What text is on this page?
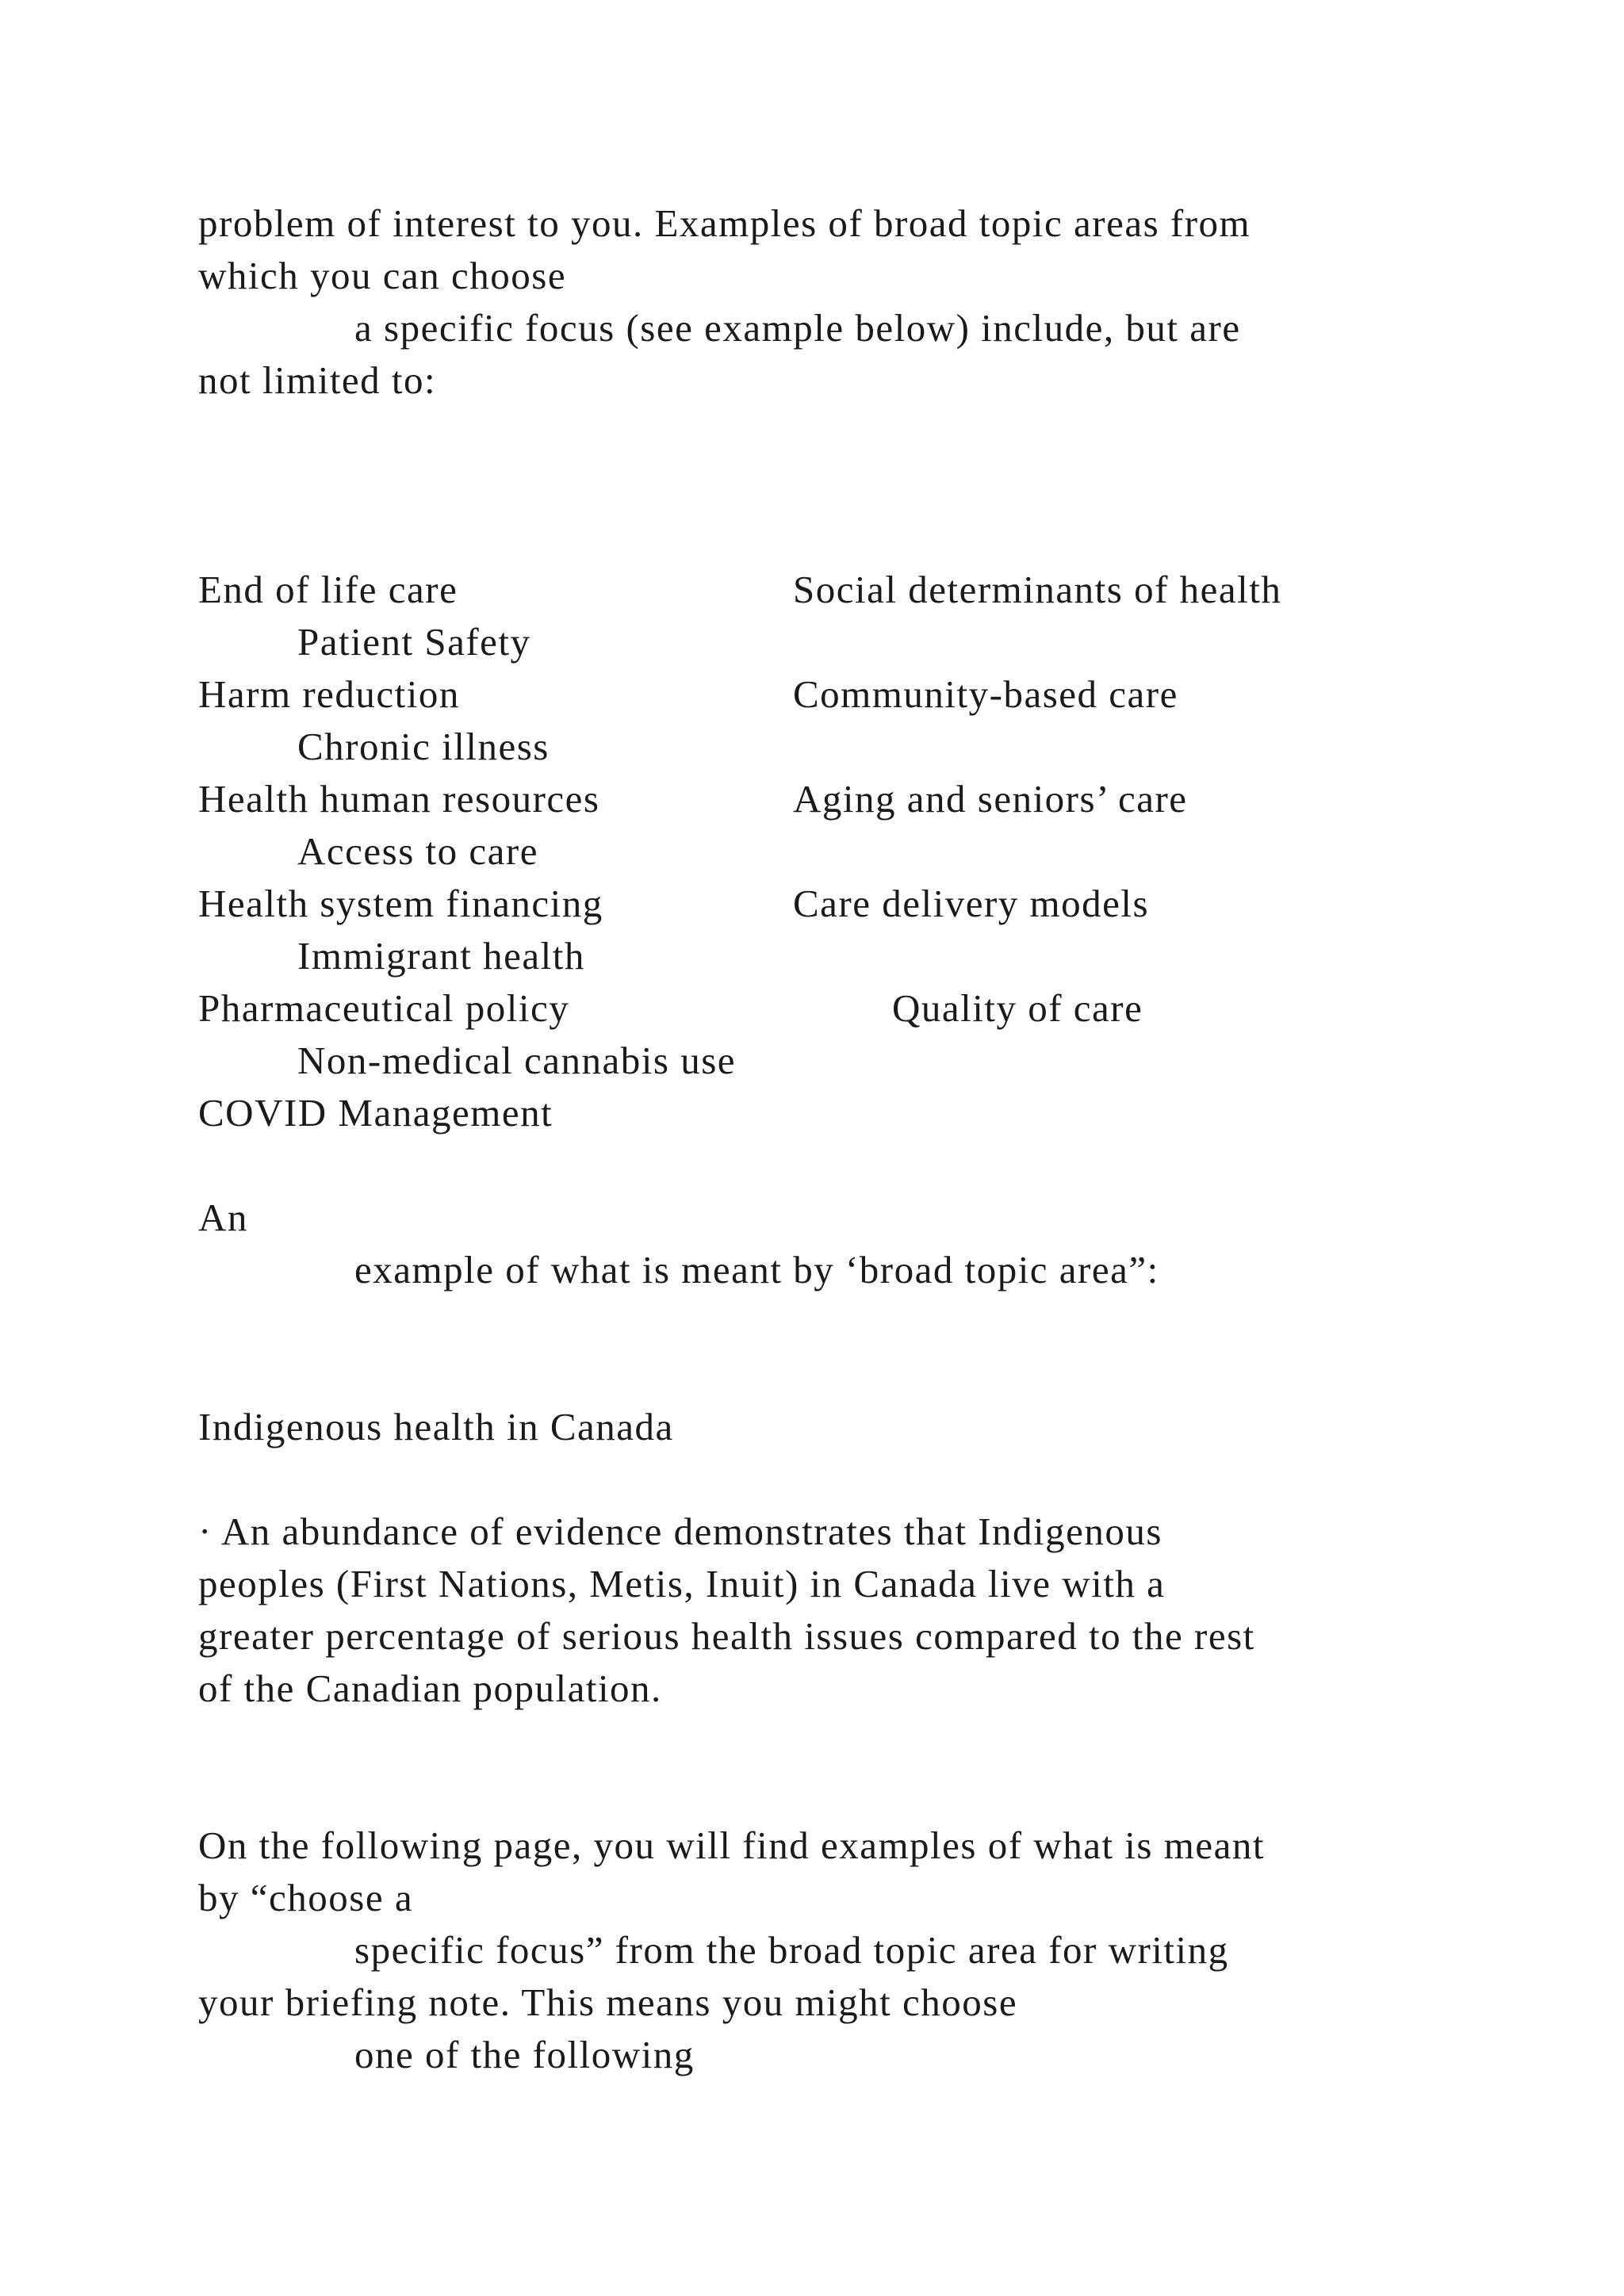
problem of interest to you. Examples of broad topic areas from
which you can choose
a specific focus (see example below) include, but are
not limited to:
End of life care	Social determinants of health
Patient Safety
Harm reduction	Community-based care
Chronic illness
Health human resources	Aging and seniors’ care
Access to care
Health system financing	Care delivery models
Immigrant health
Pharmaceutical policy	Quality of care
Non-medical cannabis use
COVID Management
An
example of what is meant by ‘broad topic area”:
Indigenous health in Canada
· An abundance of evidence demonstrates that Indigenous
peoples (First Nations, Metis, Inuit) in Canada live with a
greater percentage of serious health issues compared to the rest
of the Canadian population.
On the following page, you will find examples of what is meant
by “choose a
specific focus” from the broad topic area for writing
your briefing note. This means you might choose
one of the following
